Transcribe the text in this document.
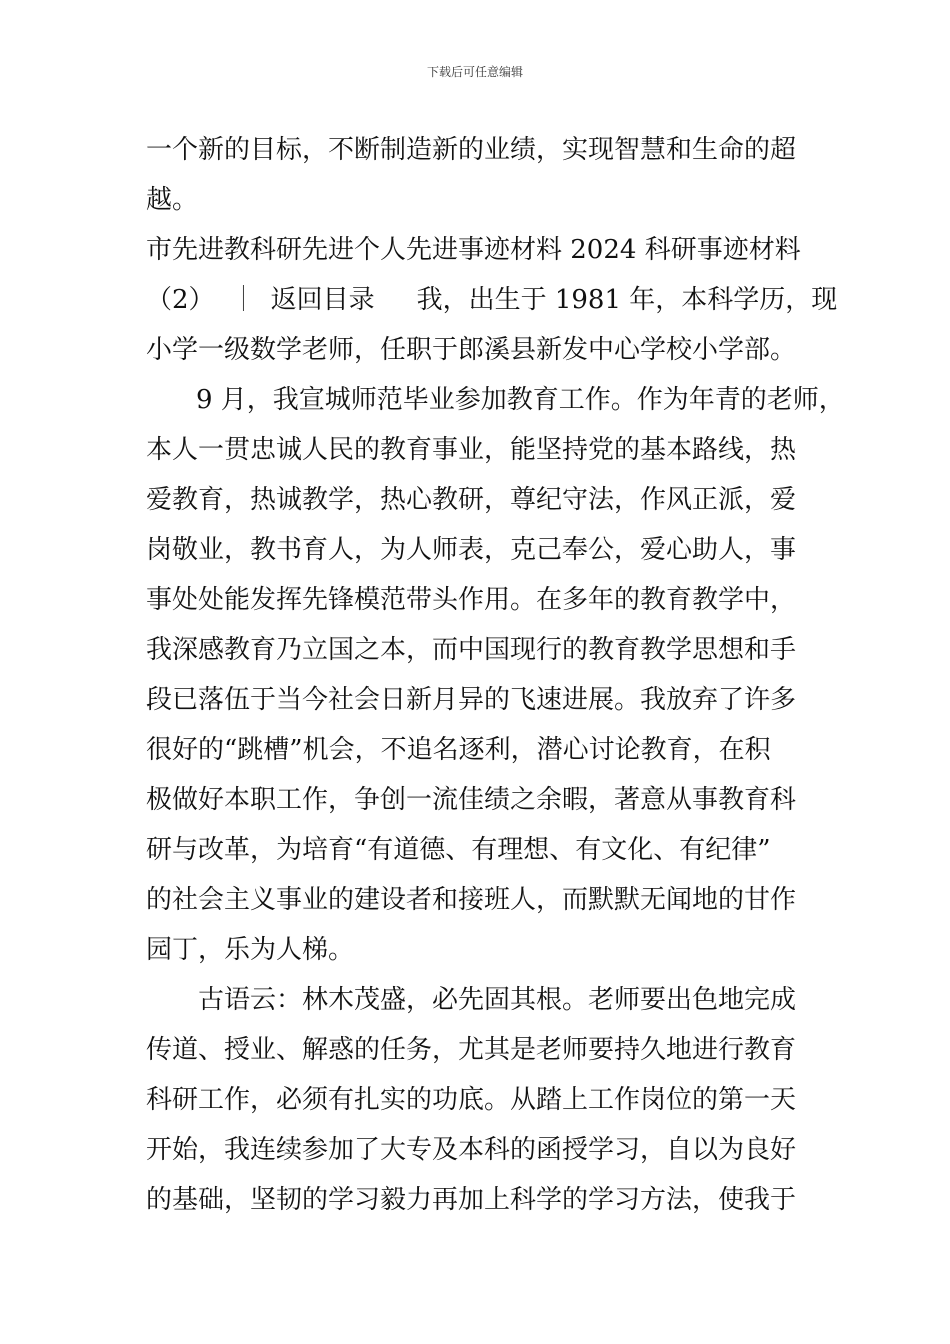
下载后可任意编辑
一个新的目标，不断制造新的业绩，实现智慧和生命的超
越。
市先进教科研先进个人先进事迹材料 2024 科研事迹材料
（2） ｜ 返回目录 我，出生于 1981 年，本科学历，现
小学一级数学老师，任职于郎溪县新发中心学校小学部。
9 月，我宣城师范毕业参加教育工作。作为年青的老师，
本人一贯忠诚人民的教育事业，能坚持党的基本路线，热
爱教育，热诚教学，热心教研，尊纪守法，作风正派，爱
岗敬业，教书育人，为人师表，克己奉公，爱心助人，事
事处处能发挥先锋模范带头作用。在多年的教育教学中，
我深感教育乃立国之本，而中国现行的教育教学思想和手
段已落伍于当今社会日新月异的飞速进展。我放弃了许多
很好的“跳槽”机会，不追名逐利，潜心讨论教育，在积
极做好本职工作，争创一流佳绩之余暇，著意从事教育科
研与改革，为培育“有道德、有理想、有文化、有纪律”
的社会主义事业的建设者和接班人，而默默无闻地的甘作
园丁，乐为人梯。
古语云：林木茂盛，必先固其根。老师要出色地完成
传道、授业、解惑的任务，尤其是老师要持久地进行教育
科研工作，必须有扎实的功底。从踏上工作岗位的第一天
开始，我连续参加了大专及本科的函授学习，自以为良好
的基础，坚韧的学习毅力再加上科学的学习方法，使我于
